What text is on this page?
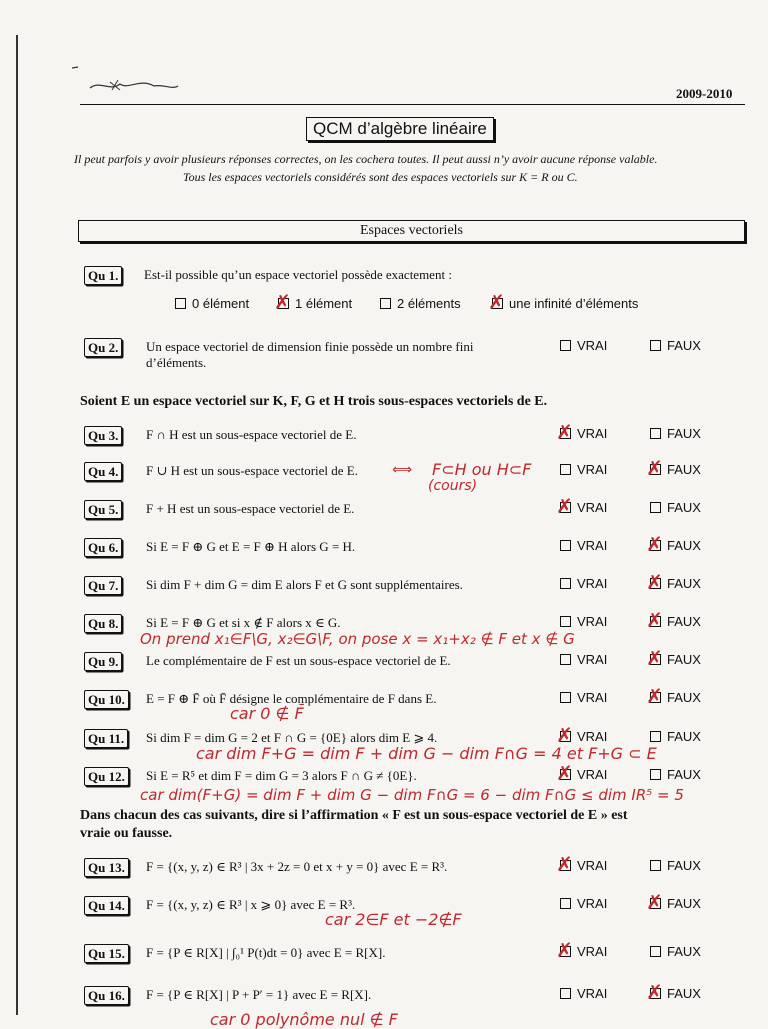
2009-2010
QCM d’algèbre linéaire
Il peut parfois y avoir plusieurs réponses correctes, on les cochera toutes. Il peut aussi n’y avoir aucune réponse valable.
Tous les espaces vectoriels considérés sont des espaces vectoriels sur K = R ou C.
Espaces vectoriels
Qu 1.	Est-il possible qu’un espace vectoriel possède exactement :
0 élément ✗	1 élément	2 éléments ✗	une infinité d’éléments
Qu 2.	Un espace vectoriel de dimension finie possède un nombre fini
d’éléments.
VRAI	FAUX
Soient E un espace vectoriel sur K, F, G et H trois sous-espaces vectoriels de E.
Qu 3.	F ∩ H est un sous-espace vectoriel de E. ✗	VRAI	FAUX
Qu 4.	F ∪ H est un sous-espace vectoriel de E.	VRAI ✗	FAUX
Qu 5.	F + H est un sous-espace vectoriel de E. ✗	VRAI	FAUX
Qu 6.	Si E = F ⊕ G et E = F ⊕ H alors G = H.	VRAI ✗	FAUX
Qu 7.	Si dim F + dim G = dim E alors F et G sont supplémentaires.	VRAI ✗	FAUX
Qu 8.	Si E = F ⊕ G et si x ∉ F alors x ∈ G.	VRAI ✗	FAUX
Qu 9.	Le complémentaire de F est un sous-espace vectoriel de E.	VRAI ✗	FAUX
Qu 10.	E = F ⊕ F̄ où F̄ désigne le complémentaire de F dans E.	VRAI ✗	FAUX
Qu 11.	Si dim F = dim G = 2 et F ∩ G = {0E} alors dim E ⩾ 4. ✗	VRAI	FAUX
Qu 12.	Si E = R⁵ et dim F = dim G = 3 alors F ∩ G ≠ {0E}. ✗	VRAI	FAUX
Dans chacun des cas suivants, dire si l’affirmation « F est un sous-espace vectoriel de E » est
vraie ou fausse.
Qu 13.	F = {(x, y, z) ∈ R³ | 3x + 2z = 0 et x + y = 0} avec E = R³. ✗	VRAI	FAUX
Qu 14.	F = {(x, y, z) ∈ R³ | x ⩾ 0} avec E = R³.	VRAI ✗	FAUX
Qu 15.	F = {P ∈ R[X] | ∫₀¹ P(t)dt = 0} avec E = R[X]. ✗	VRAI	FAUX
Qu 16.	F = {P ∈ R[X] | P + P′ = 1} avec E = R[X].	VRAI ✗	FAUX
F⊂H ou H⊂F
⟺
(cours)
On prend x₁∈F\G, x₂∈G\F, on pose x = x₁+x₂ ∉ F et x ∉ G
car 0 ∉ F̄
car dim F+G = dim F + dim G − dim F∩G = 4 et F+G ⊂ E
car dim(F+G) = dim F + dim G − dim F∩G = 6 − dim F∩G ≤ dim IR⁵ = 5
car 2∈F et −2∉F
car 0 polynôme nul ∉ F
